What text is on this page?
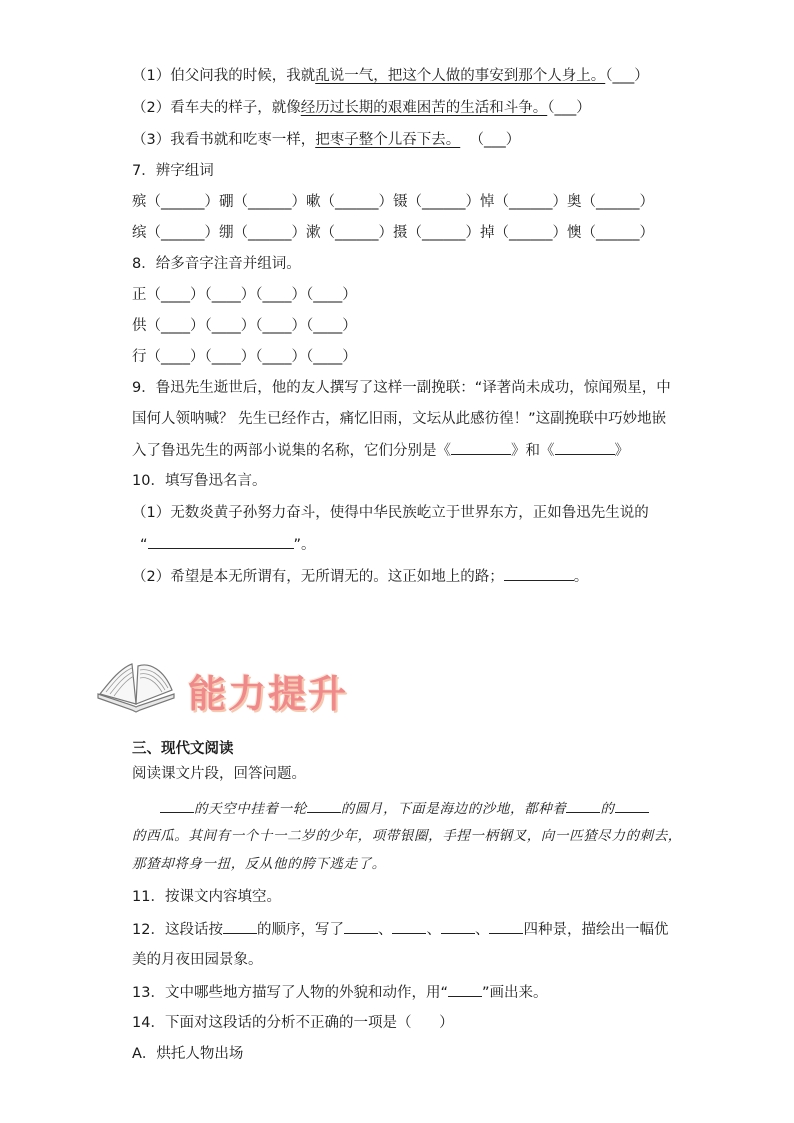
（1）伯父问我的时候，我就乱说一气，把这个人做的事安到那个人身上。（___）
（2）看车夫的样子，就像经历过长期的艰难困苦的生活和斗争。（___）
（3）我看书就和吃枣一样，把枣子整个儿吞下去。  （___）
7．辨字组词
殡（______）硼（______）嗽（______）镊（______）悼（______）奥（______）
缤（______）绷（______）漱（______）摄（______）掉（______）懊（______）
8．给多音字注音并组词。
正（____）（____）（____）（____）
供（____）（____）（____）（____）
行（____）（____）（____）（____）
9．鲁迅先生逝世后，他的友人撰写了这样一副挽联：“译著尚未成功，惊闻殒星，中
国何人领呐喊？ 先生已经作古，痛忆旧雨，文坛从此感彷徨！”这副挽联中巧妙地嵌
入了鲁迅先生的两部小说集的名称，它们分别是《	》和《	》
10．填写鲁迅名言。
（1）无数炎黄子孙努力奋斗，使得中华民族屹立于世界东方，正如鲁迅先生说的
“	”。
（2）希望是本无所谓有，无所谓无的。这正如地上的路；	。
能力提升
三、现代文阅读
阅读课文片段，回答问题。
的天空中挂着一轮	的圆月，下面是海边的沙地，都种着	的
的西瓜。其间有一个十一二岁的少年，项带银圈，手捏一柄钢叉，向一匹猹尽力的刺去，
那猹却将身一扭，反从他的胯下逃走了。
11．按课文内容填空。
12．这段话按 的顺序，写了 、 、 、 四种景，描绘出一幅优
美的月夜田园景象。
13．文中哪些地方描写了人物的外貌和动作，用“ ”画出来。
14．下面对这段话的分析不正确的一项是（      ）
A．烘托人物出场
